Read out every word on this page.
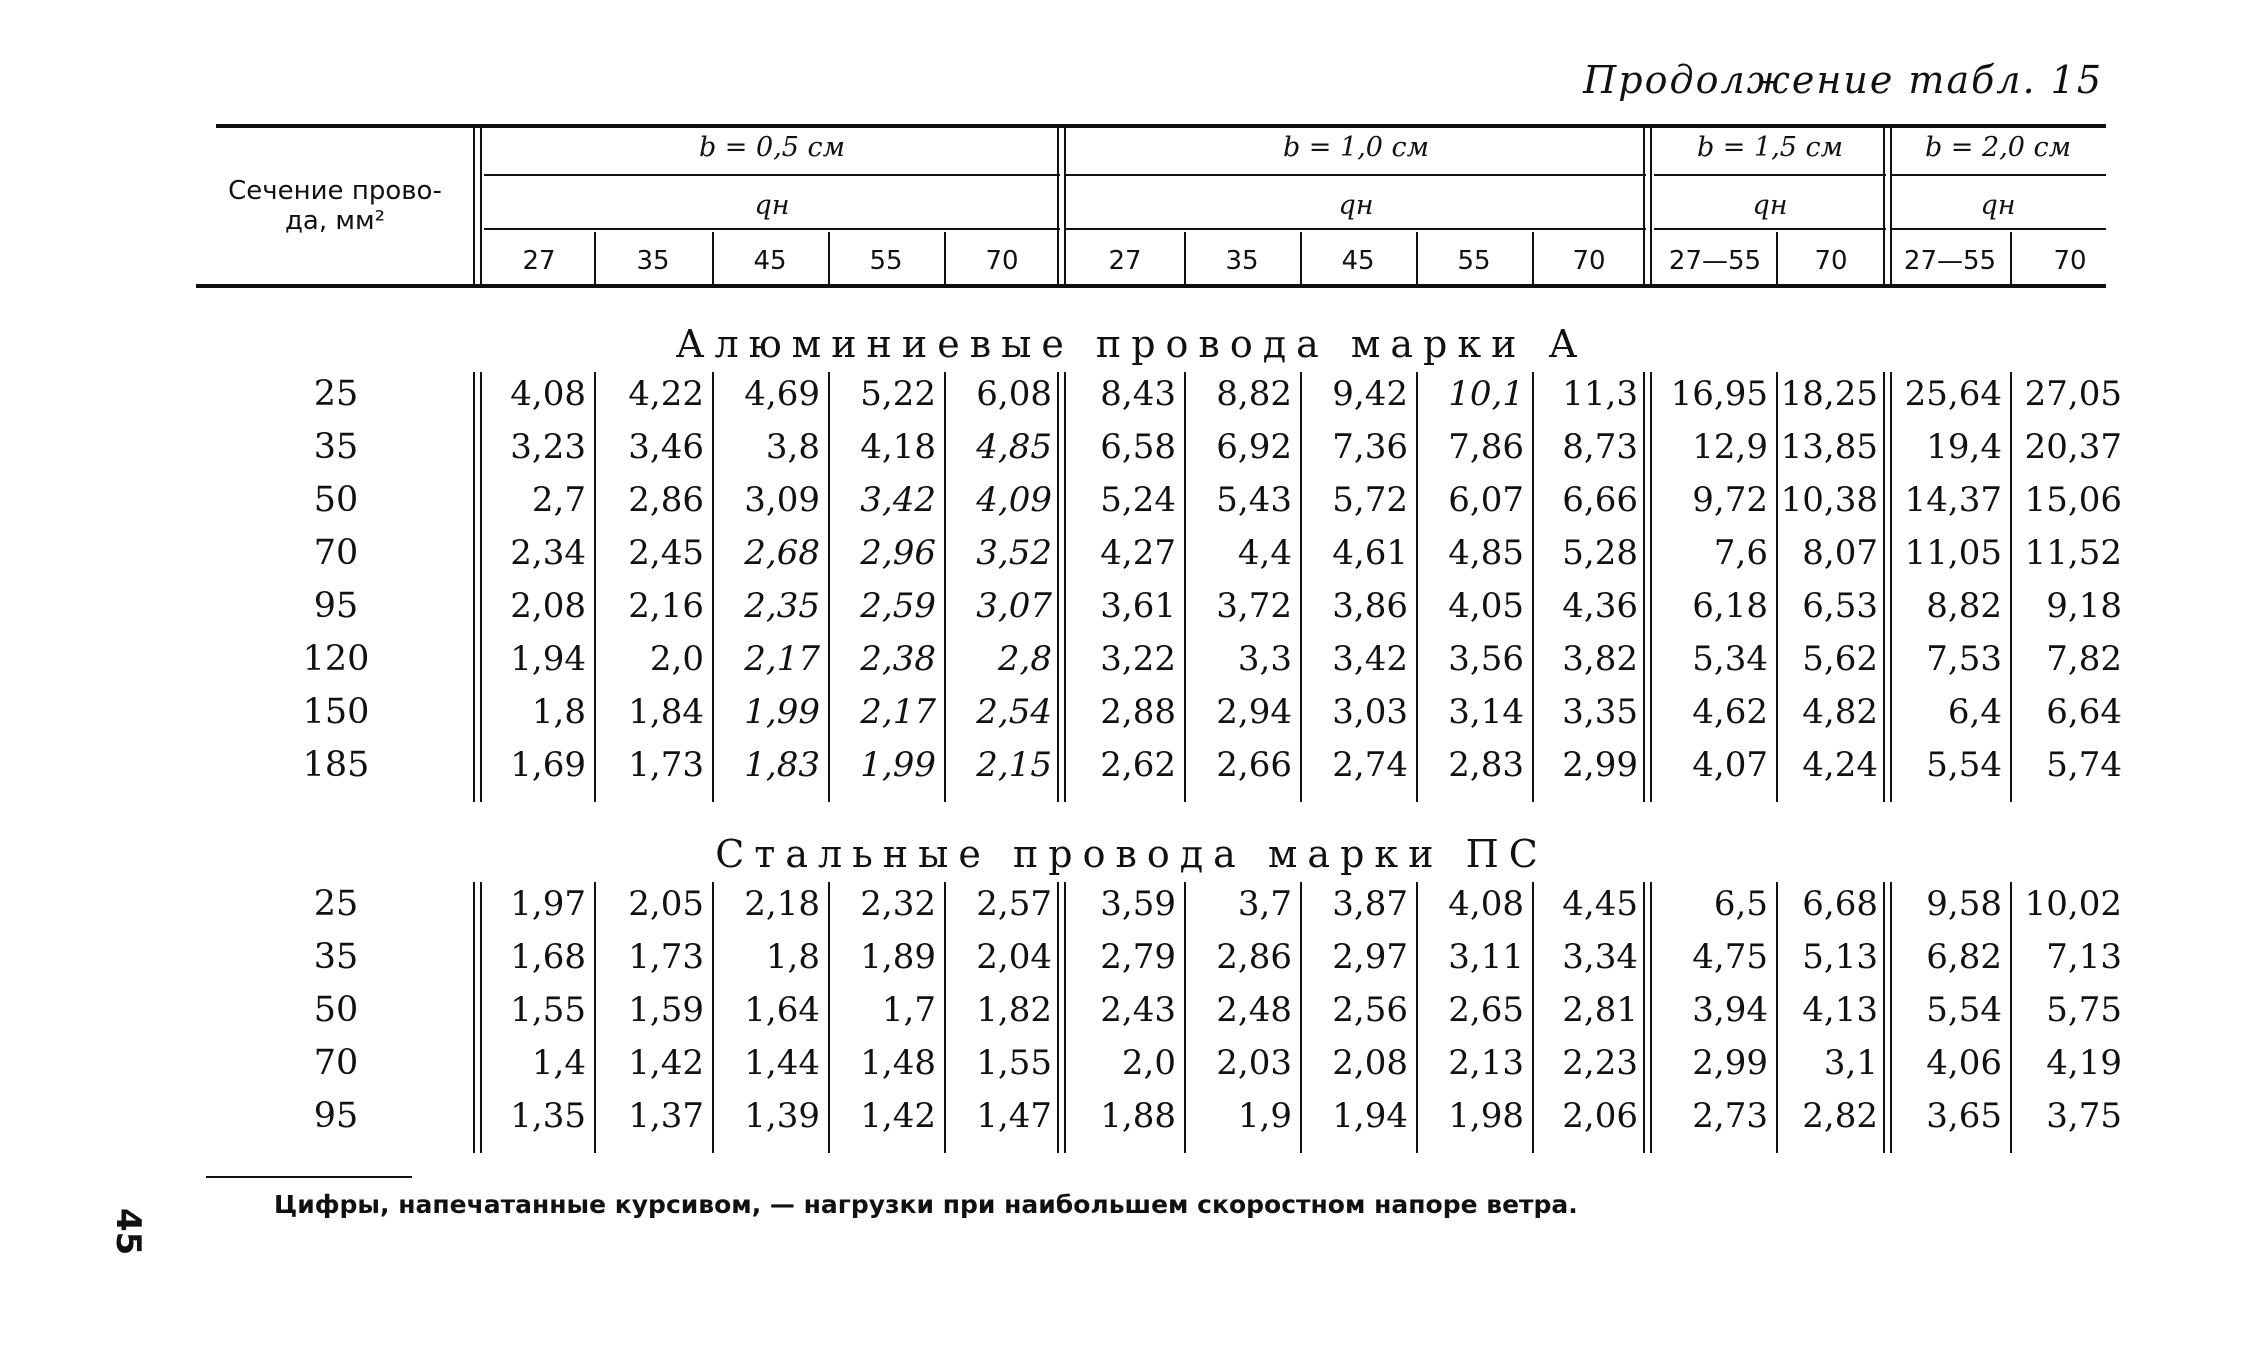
Продолжение табл. 15
Сечение прово-да, мм²
b = 0,5 см
qн
b = 1,0 см
qн
b = 1,5 см
qн
b = 2,0 см
qн
27	35	45	55	70	27	35	45	55	70	27—55	70	27—55	70
Алюминиевые провода марки А
25	4,08	4,22	4,69	5,22	6,08	8,43	8,82	9,42	10,1	11,3 16,95 18,25 25,64 27,05
35	3,23	3,46	3,8	4,18	4,85	6,58	6,92	7,36	7,86	8,73	12,9 13,85	19,4 20,37
50	2,7	2,86	3,09	3,42	4,09	5,24	5,43	5,72	6,07	6,66	9,72 10,38 14,37 15,06
70	2,34	2,45	2,68	2,96	3,52	4,27	4,4	4,61	4,85	5,28	7,6	8,07 11,05 11,52
95	2,08	2,16	2,35	2,59	3,07	3,61	3,72	3,86	4,05	4,36	6,18	6,53	8,82	9,18
120	1,94	2,0	2,17	2,38	2,8	3,22	3,3	3,42	3,56	3,82	5,34	5,62	7,53	7,82
150	1,8	1,84	1,99	2,17	2,54	2,88	2,94	3,03	3,14	3,35	4,62	4,82	6,4	6,64
185	1,69	1,73	1,83	1,99	2,15	2,62	2,66	2,74	2,83	2,99	4,07	4,24	5,54	5,74
Стальные провода марки ПС
25	1,97	2,05	2,18	2,32	2,57	3,59	3,7	3,87	4,08	4,45	6,5	6,68	9,58 10,02
35	1,68	1,73	1,8	1,89	2,04	2,79	2,86	2,97	3,11	3,34	4,75	5,13	6,82	7,13
50	1,55	1,59	1,64	1,7	1,82	2,43	2,48	2,56	2,65	2,81	3,94	4,13	5,54	5,75
70	1,4	1,42	1,44	1,48	1,55	2,0	2,03	2,08	2,13	2,23	2,99	3,1	4,06	4,19
95	1,35	1,37	1,39	1,42	1,47	1,88	1,9	1,94	1,98	2,06	2,73	2,82	3,65	3,75
Цифры, напечатанные курсивом, — нагрузки при наибольшем скоростном напоре ветра.
45
